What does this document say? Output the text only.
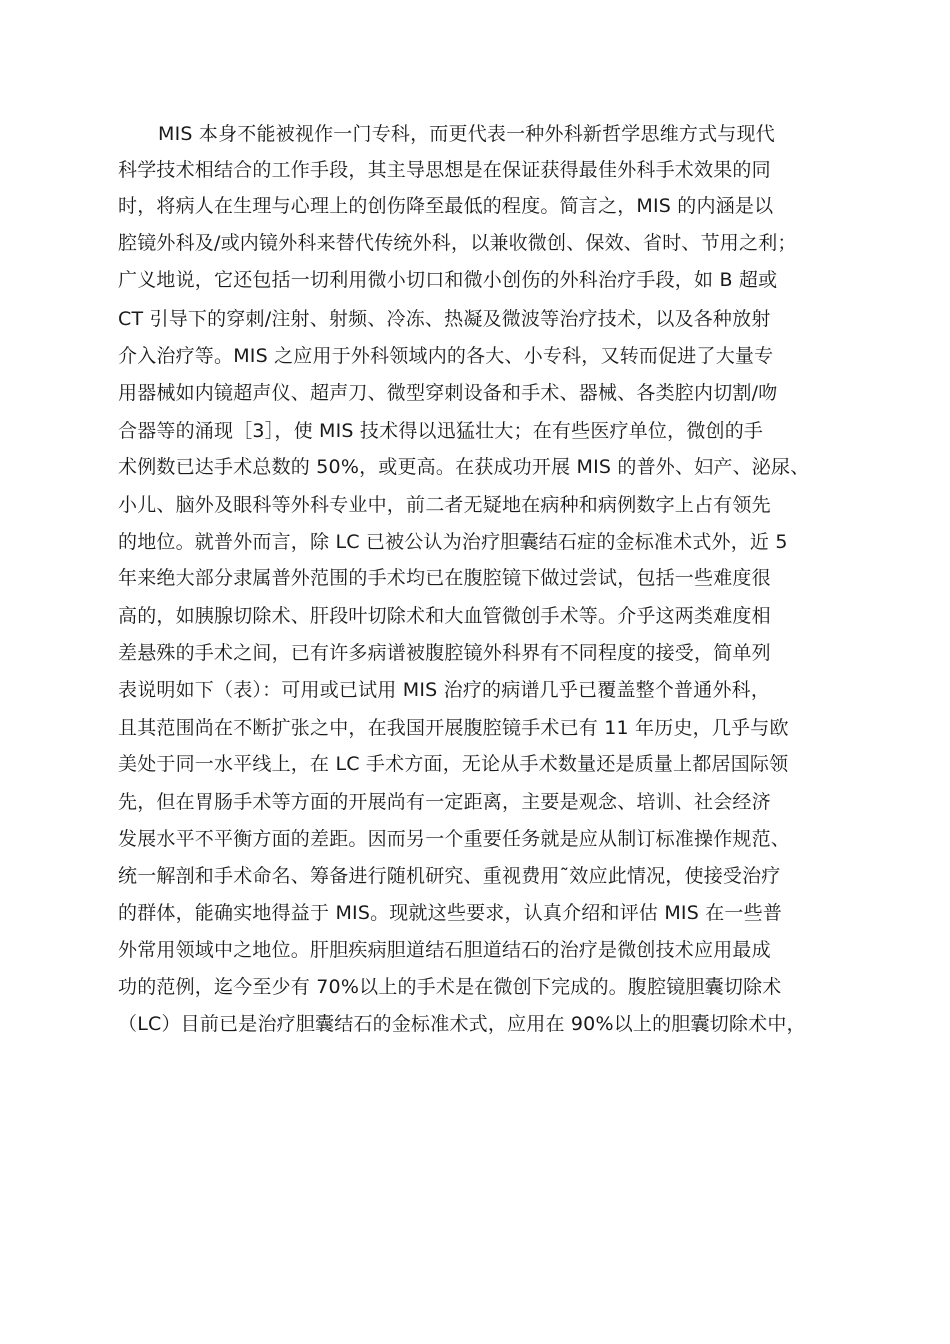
MIS 本身不能被视作一门专科，而更代表一种外科新哲学思维方式与现代
科学技术相结合的工作手段，其主导思想是在保证获得最佳外科手术效果的同
时，将病人在生理与心理上的创伤降至最低的程度。简言之，MIS 的内涵是以
腔镜外科及/或内镜外科来替代传统外科，以兼收微创、保效、省时、节用之利；
广义地说，它还包括一切利用微小切口和微小创伤的外科治疗手段，如 B 超或
CT 引导下的穿刺/注射、射频、冷冻、热凝及微波等治疗技术，以及各种放射
介入治疗等。MIS 之应用于外科领域内的各大、小专科，又转而促进了大量专
用器械如内镜超声仪、超声刀、微型穿刺设备和手术、器械、各类腔内切割/吻
合器等的涌现［3］，使 MIS 技术得以迅猛壮大；在有些医疗单位，微创的手
术例数已达手术总数的 50%，或更高。在获成功开展 MIS 的普外、妇产、泌尿、
小儿、脑外及眼科等外科专业中，前二者无疑地在病种和病例数字上占有领先
的地位。就普外而言，除 LC 已被公认为治疗胆囊结石症的金标准术式外，近 5
年来绝大部分隶属普外范围的手术均已在腹腔镜下做过尝试，包括一些难度很
高的，如胰腺切除术、肝段叶切除术和大血管微创手术等。介乎这两类难度相
差悬殊的手术之间，已有许多病谱被腹腔镜外科界有不同程度的接受，简单列
表说明如下（表）：可用或已试用 MIS 治疗的病谱几乎已覆盖整个普通外科，
且其范围尚在不断扩张之中，在我国开展腹腔镜手术已有 11 年历史，几乎与欧
美处于同一水平线上，在 LC 手术方面，无论从手术数量还是质量上都居国际领
先，但在胃肠手术等方面的开展尚有一定距离，主要是观念、培训、社会经济
发展水平不平衡方面的差距。因而另一个重要任务就是应从制订标准操作规范、
统一解剖和手术命名、筹备进行随机研究、重视费用˜效应此情况，使接受治疗
的群体，能确实地得益于 MIS。现就这些要求，认真介绍和评估 MIS 在一些普
外常用领域中之地位。肝胆疾病胆道结石胆道结石的治疗是微创技术应用最成
功的范例，迄今至少有 70%以上的手术是在微创下完成的。腹腔镜胆囊切除术
（LC）目前已是治疗胆囊结石的金标准术式，应用在 90%以上的胆囊切除术中，
